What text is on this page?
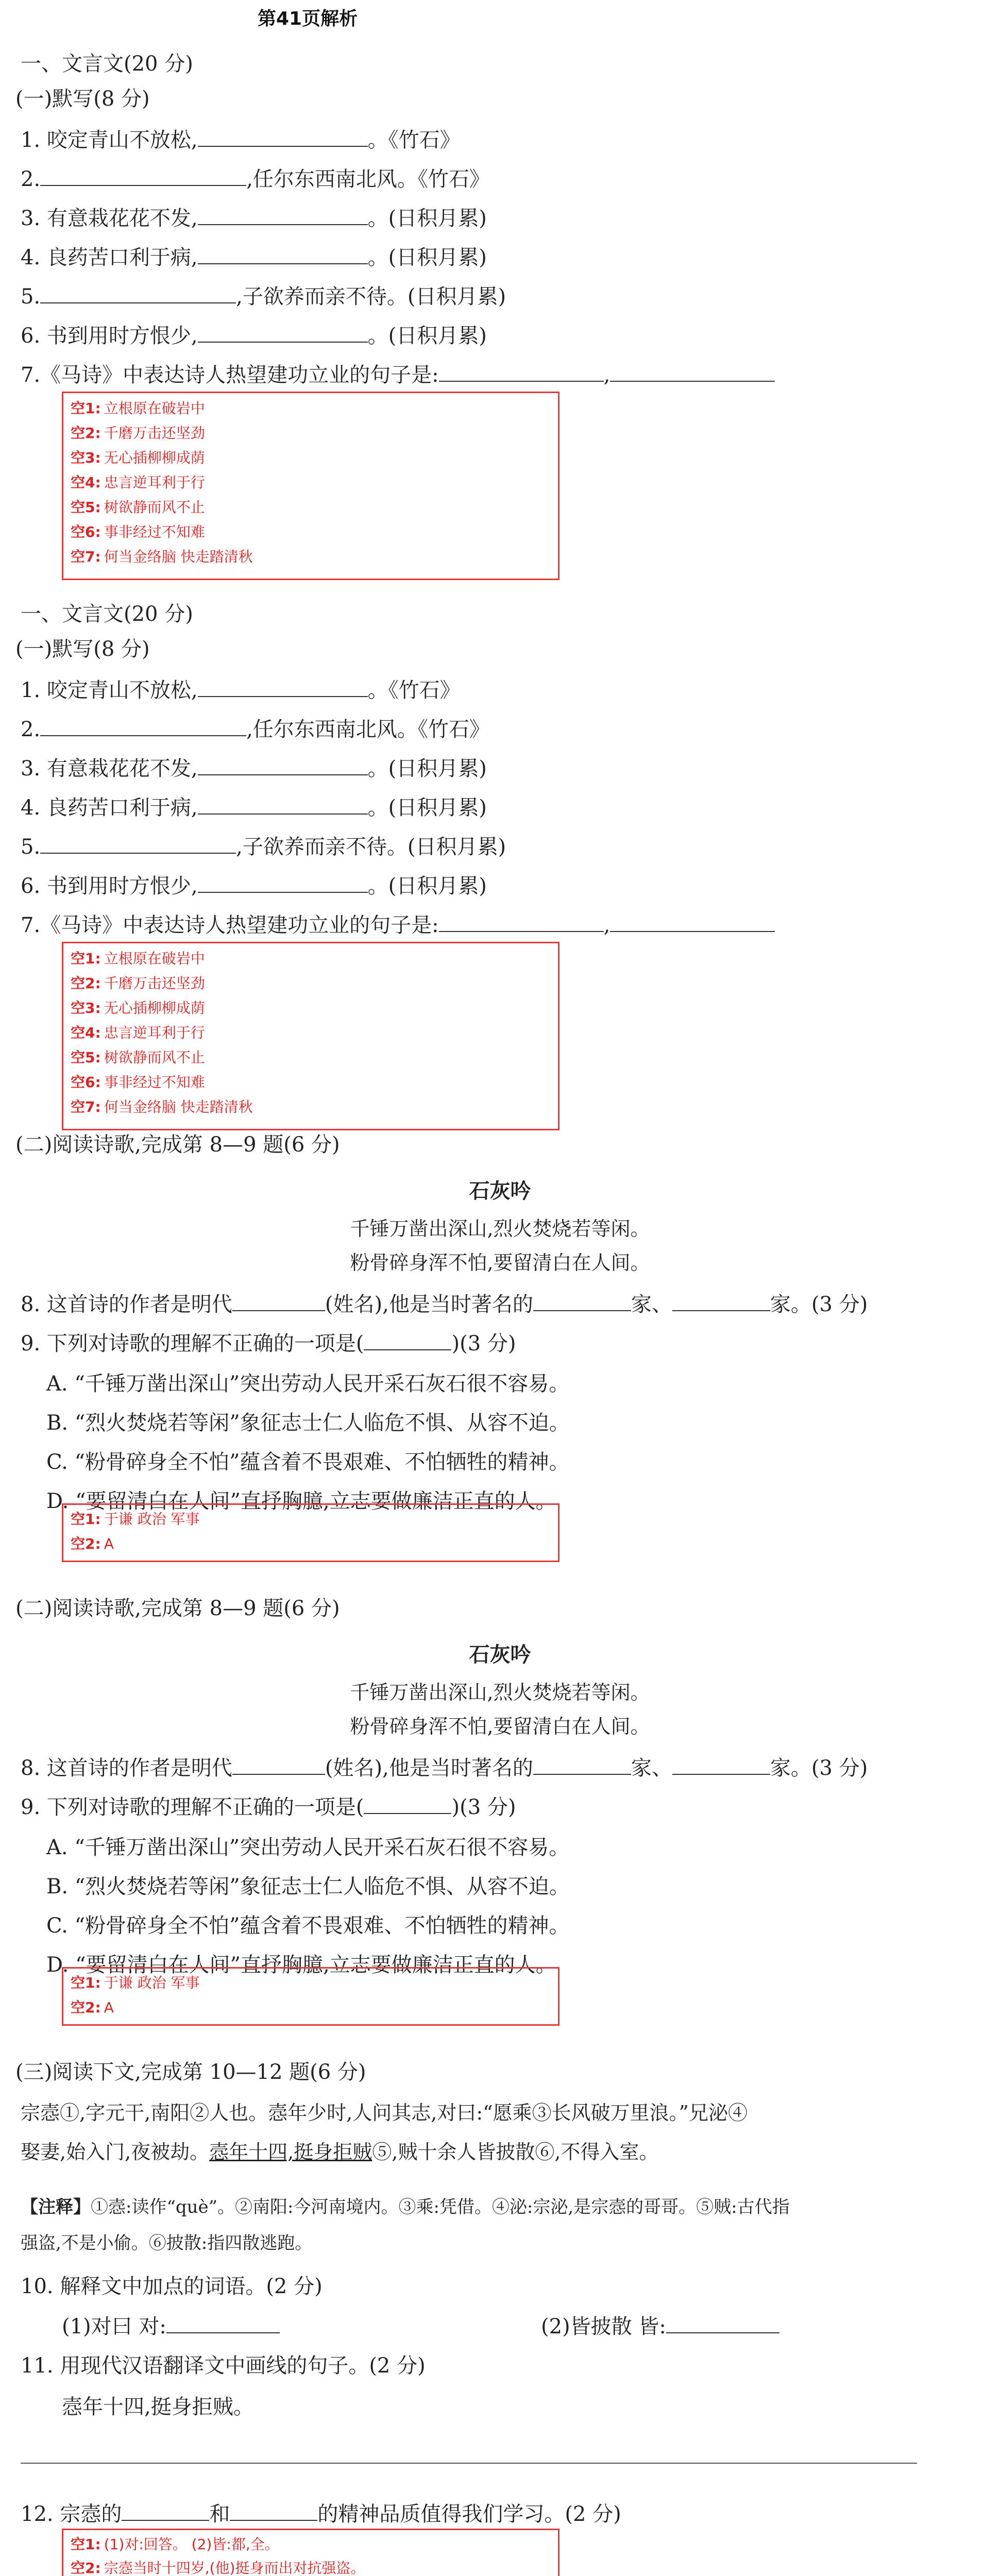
第41页解析
一、文言文(20 分)
(一)默写(8 分)
1. 咬定青山不放松,	。《竹石》
2.	,任尔东西南北风。《竹石》
3. 有意栽花花不发,	。(日积月累)
4. 良药苦口利于病,	。(日积月累)
5.	,子欲养而亲不待。(日积月累)
6. 书到用时方恨少,	。(日积月累)
7.《马诗》中表达诗人热望建功立业的句子是:	,
空1: 立根原在破岩中
空2: 千磨万击还坚劲
空3: 无心插柳柳成荫
空4: 忠言逆耳利于行
空5: 树欲静而风不止
空6: 事非经过不知难
空7: 何当金络脑 快走踏清秋
一、文言文(20 分)
(一)默写(8 分)
1. 咬定青山不放松,	。《竹石》
2.	,任尔东西南北风。《竹石》
3. 有意栽花花不发,	。(日积月累)
4. 良药苦口利于病,	。(日积月累)
5.	,子欲养而亲不待。(日积月累)
6. 书到用时方恨少,	。(日积月累)
7.《马诗》中表达诗人热望建功立业的句子是:	,
空1: 立根原在破岩中
空2: 千磨万击还坚劲
空3: 无心插柳柳成荫
空4: 忠言逆耳利于行
空5: 树欲静而风不止
空6: 事非经过不知难
空7: 何当金络脑 快走踏清秋
(二)阅读诗歌,完成第 8—9 题(6 分)
石灰吟
千锤万凿出深山,烈火焚烧若等闲。
粉骨碎身浑不怕,要留清白在人间。
8. 这首诗的作者是明代	(姓名),他是当时著名的	家、	家。(3 分)
9. 下列对诗歌的理解不正确的一项是(	)(3 分)
A. “千锤万凿出深山”突出劳动人民开采石灰石很不容易。
B. “烈火焚烧若等闲”象征志士仁人临危不惧、从容不迫。
C. “粉骨碎身全不怕”蕴含着不畏艰难、不怕牺牲的精神。
D. “要留清白在人间”直抒胸臆,立志要做廉洁正直的人。
空1: 于谦 政治 军事
空2: A
(二)阅读诗歌,完成第 8—9 题(6 分)
石灰吟
千锤万凿出深山,烈火焚烧若等闲。
粉骨碎身浑不怕,要留清白在人间。
8. 这首诗的作者是明代	(姓名),他是当时著名的	家、	家。(3 分)
9. 下列对诗歌的理解不正确的一项是(	)(3 分)
A. “千锤万凿出深山”突出劳动人民开采石灰石很不容易。
B. “烈火焚烧若等闲”象征志士仁人临危不惧、从容不迫。
C. “粉骨碎身全不怕”蕴含着不畏艰难、不怕牺牲的精神。
D. “要留清白在人间”直抒胸臆,立志要做廉洁正直的人。
空1: 于谦 政治 军事
空2: A
(三)阅读下文,完成第 10—12 题(6 分)
宗悫①,字元干,南阳②人也。悫年少时,人问其志,对曰:“愿乘③长风破万里浪。”兄泌④
娶妻,始入门,夜被劫。悫年十四,挺身拒贼⑤,贼十余人皆披散⑥,不得入室。
【注释】①悫:读作“què”。②南阳:今河南境内。③乘:凭借。④泌:宗泌,是宗悫的哥哥。⑤贼:古代指
强盗,不是小偷。⑥披散:指四散逃跑。
10. 解释文中加点的词语。(2 分)
(1)对曰 对:	(2)皆披散 皆:
11. 用现代汉语翻译文中画线的句子。(2 分)
悫年十四,挺身拒贼。
12. 宗悫的	和	的精神品质值得我们学习。(2 分)
空1: (1)对:回答。 (2)皆:都,全。
空2: 宗悫当时十四岁,(他)挺身而出对抗强盗。
